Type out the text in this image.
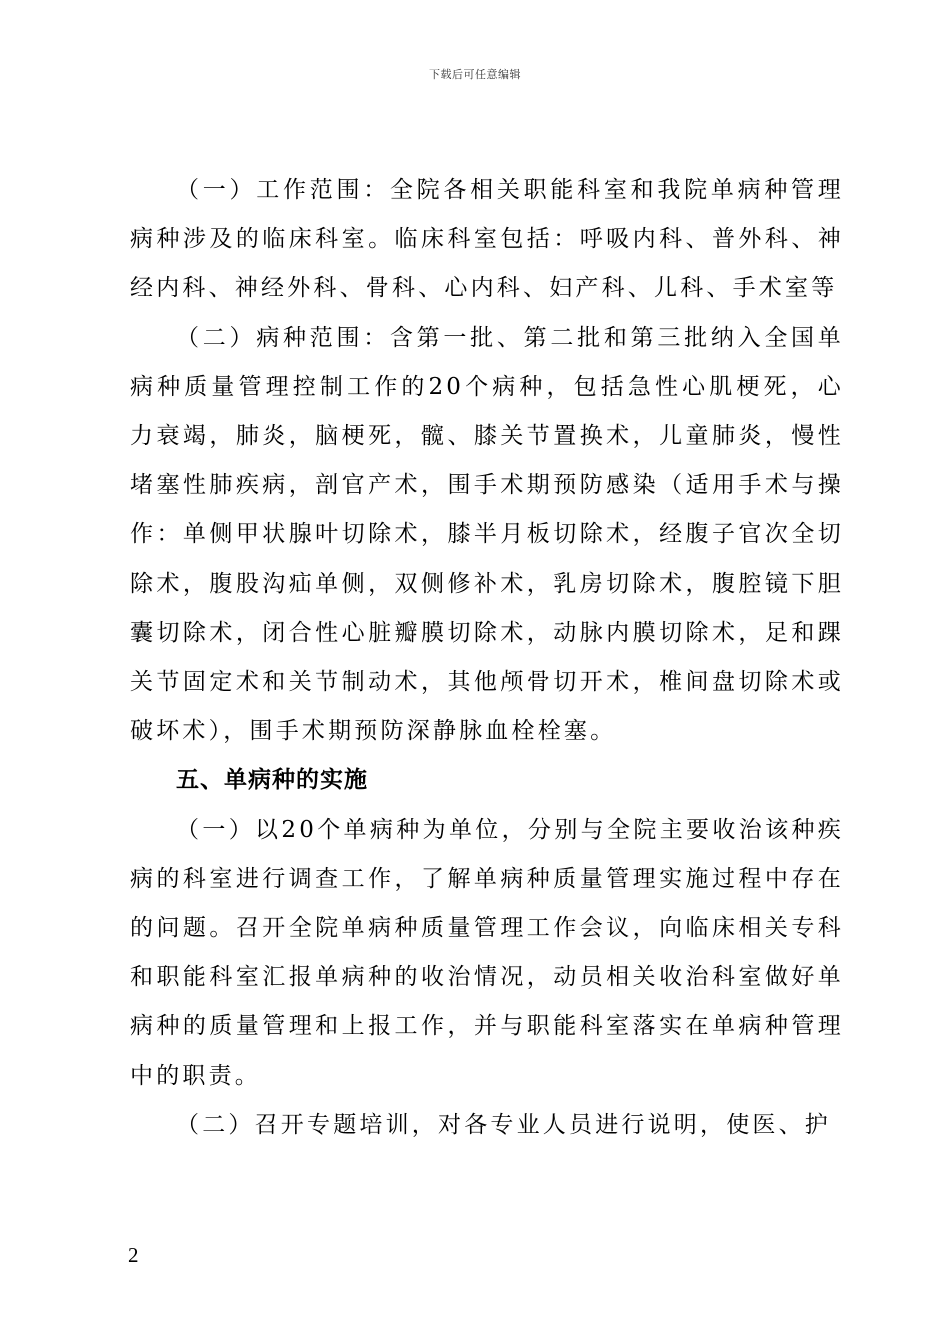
下载后可任意编辑

（一）工作范围：全院各相关职能科室和我院单病种管理病种涉及的临床科室。临床科室包括：呼吸内科、普外科、神经内科、神经外科、骨科、心内科、妇产科、儿科、手术室等

（二）病种范围：含第一批、第二批和第三批纳入全国单病种质量管理控制工作的20个病种，包括急性心肌梗死，心力衰竭，肺炎，脑梗死，髋、膝关节置换术，儿童肺炎，慢性堵塞性肺疾病，剖官产术，围手术期预防感染（适用手术与操作：单侧甲状腺叶切除术，膝半月板切除术，经腹子官次全切除术，腹股沟疝单侧，双侧修补术，乳房切除术，腹腔镜下胆囊切除术，闭合性心脏瓣膜切除术，动脉内膜切除术，足和踝关节固定术和关节制动术，其他颅骨切开术，椎间盘切除术或破坏术），围手术期预防深静脉血栓栓塞。

五、单病种的实施

（一）以20个单病种为单位，分别与全院主要收治该种疾病的科室进行调查工作，了解单病种质量管理实施过程中存在的问题。召开全院单病种质量管理工作会议，向临床相关专科和职能科室汇报单病种的收治情况，动员相关收治科室做好单病种的质量管理和上报工作，并与职能科室落实在单病种管理中的职责。

（二）召开专题培训，对各专业人员进行说明，使医、护

2
